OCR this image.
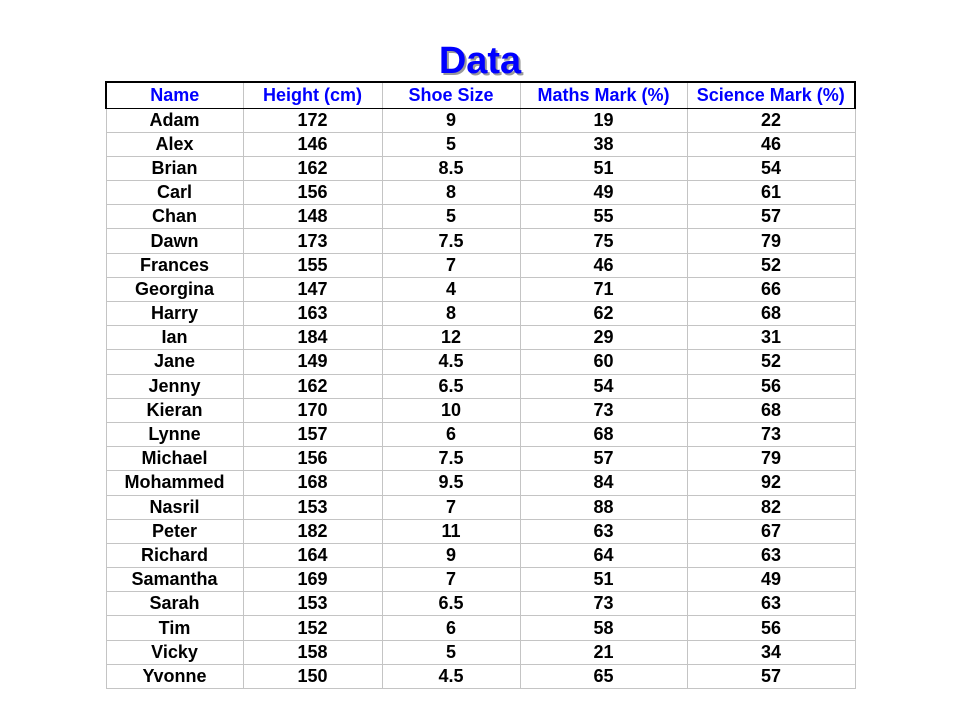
Data
Name	Height (cm)	Shoe Size	Maths Mark (%)	Science Mark (%)
Adam	172	9	19	22
Alex	146	5	38	46
Brian	162	8.5	51	54
Carl	156	8	49	61
Chan	148	5	55	57
Dawn	173	7.5	75	79
Frances	155	7	46	52
Georgina	147	4	71	66
Harry	163	8	62	68
Ian	184	12	29	31
Jane	149	4.5	60	52
Jenny	162	6.5	54	56
Kieran	170	10	73	68
Lynne	157	6	68	73
Michael	156	7.5	57	79
Mohammed	168	9.5	84	92
Nasril	153	7	88	82
Peter	182	11	63	67
Richard	164	9	64	63
Samantha	169	7	51	49
Sarah	153	6.5	73	63
Tim	152	6	58	56
Vicky	158	5	21	34
Yvonne	150	4.5	65	57
